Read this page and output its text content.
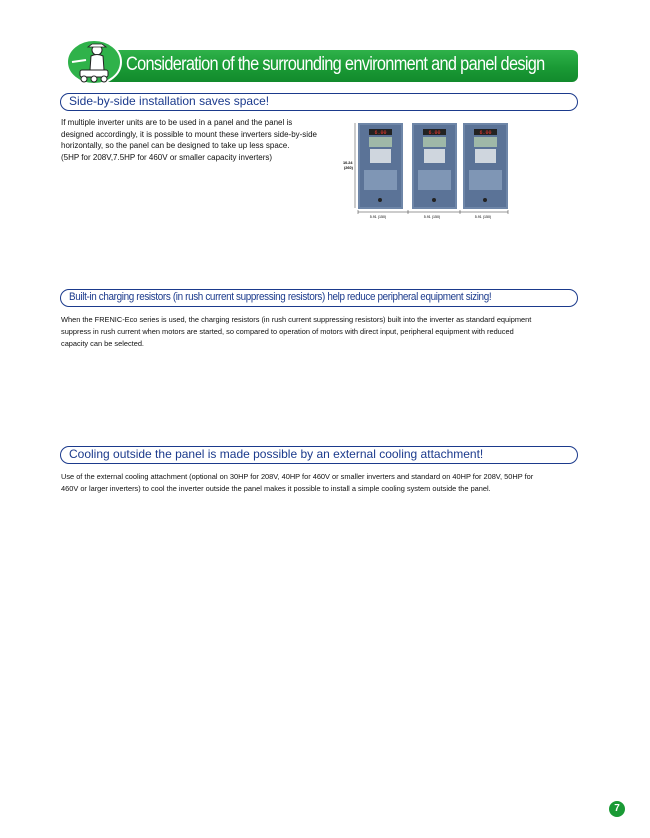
Consideration of the surrounding environment and panel design
Side-by-side installation saves space!

If multiple inverter units are to be used in a panel and the panel is

designed accordingly, it is possible to mount these inverters side-by-side

horizontally, so the panel can be designed to take up less space.

(5HP for 208V,7.5HP for 460V or smaller capacity inverters)

6.00	6.00	6.00
5.91 (150)	5.91 (150)	5.91 (150)
10.24
(260)
Built-in charging resistors (in rush current suppressing resistors) help reduce peripheral equipment sizing!

When the FRENIC-Eco series is used, the charging resistors (in rush current suppressing resistors) built into the inverter as standard equipment

suppress in rush current when motors are started, so compared to operation of motors with direct input, peripheral equipment with reduced

capacity can be selected.

Cooling outside the panel is made possible by an external cooling attachment!

Use of the external cooling attachment (optional on 30HP for 208V, 40HP for 460V or smaller inverters and standard on 40HP for 208V, 50HP for

460V or larger inverters) to cool the inverter outside the panel makes it possible to install a simple cooling system outside the panel.

7
